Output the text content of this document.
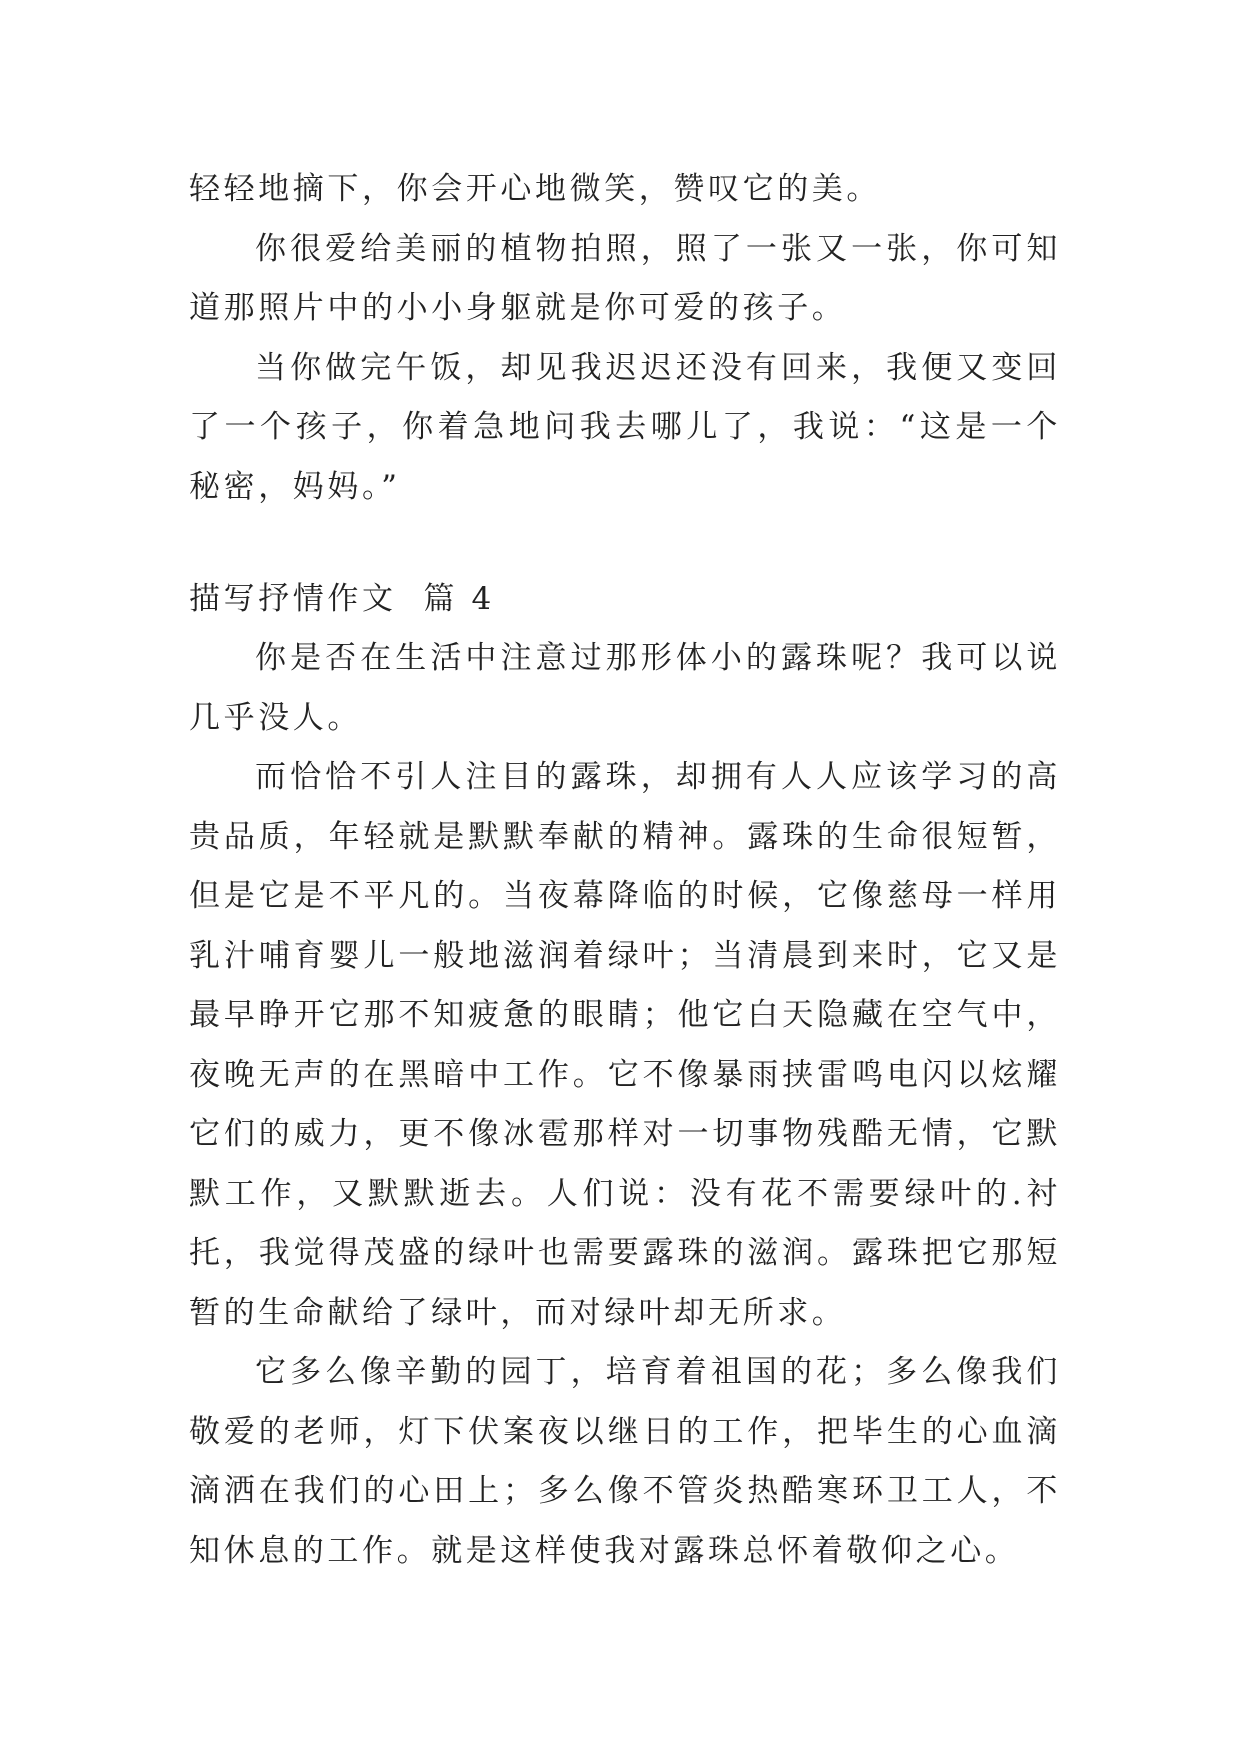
轻轻地摘下，你会开心地微笑，赞叹它的美。

你很爱给美丽的植物拍照，照了一张又一张，你可知道那照片中的小小身躯就是你可爱的孩子。

当你做完午饭，却见我迟迟还没有回来，我便又变回了一个孩子，你着急地问我去哪儿了，我说：“这是一个秘密，妈妈。”

描写抒情作文  篇 4

你是否在生活中注意过那形体小的露珠呢？我可以说几乎没人。

而恰恰不引人注目的露珠，却拥有人人应该学习的高贵品质，年轻就是默默奉献的精神。露珠的生命很短暂，但是它是不平凡的。当夜幕降临的时候，它像慈母一样用乳汁哺育婴儿一般地滋润着绿叶；当清晨到来时，它又是最早睁开它那不知疲惫的眼睛；他它白天隐藏在空气中，夜晚无声的在黑暗中工作。它不像暴雨挟雷鸣电闪以炫耀它们的威力，更不像冰雹那样对一切事物残酷无情，它默默工作，又默默逝去。人们说：没有花不需要绿叶的.衬托，我觉得茂盛的绿叶也需要露珠的滋润。露珠把它那短暂的生命献给了绿叶，而对绿叶却无所求。

它多么像辛勤的园丁，培育着祖国的花；多么像我们敬爱的老师，灯下伏案夜以继日的工作，把毕生的心血滴滴洒在我们的心田上；多么像不管炎热酷寒环卫工人，不知休息的工作。就是这样使我对露珠总怀着敬仰之心。
